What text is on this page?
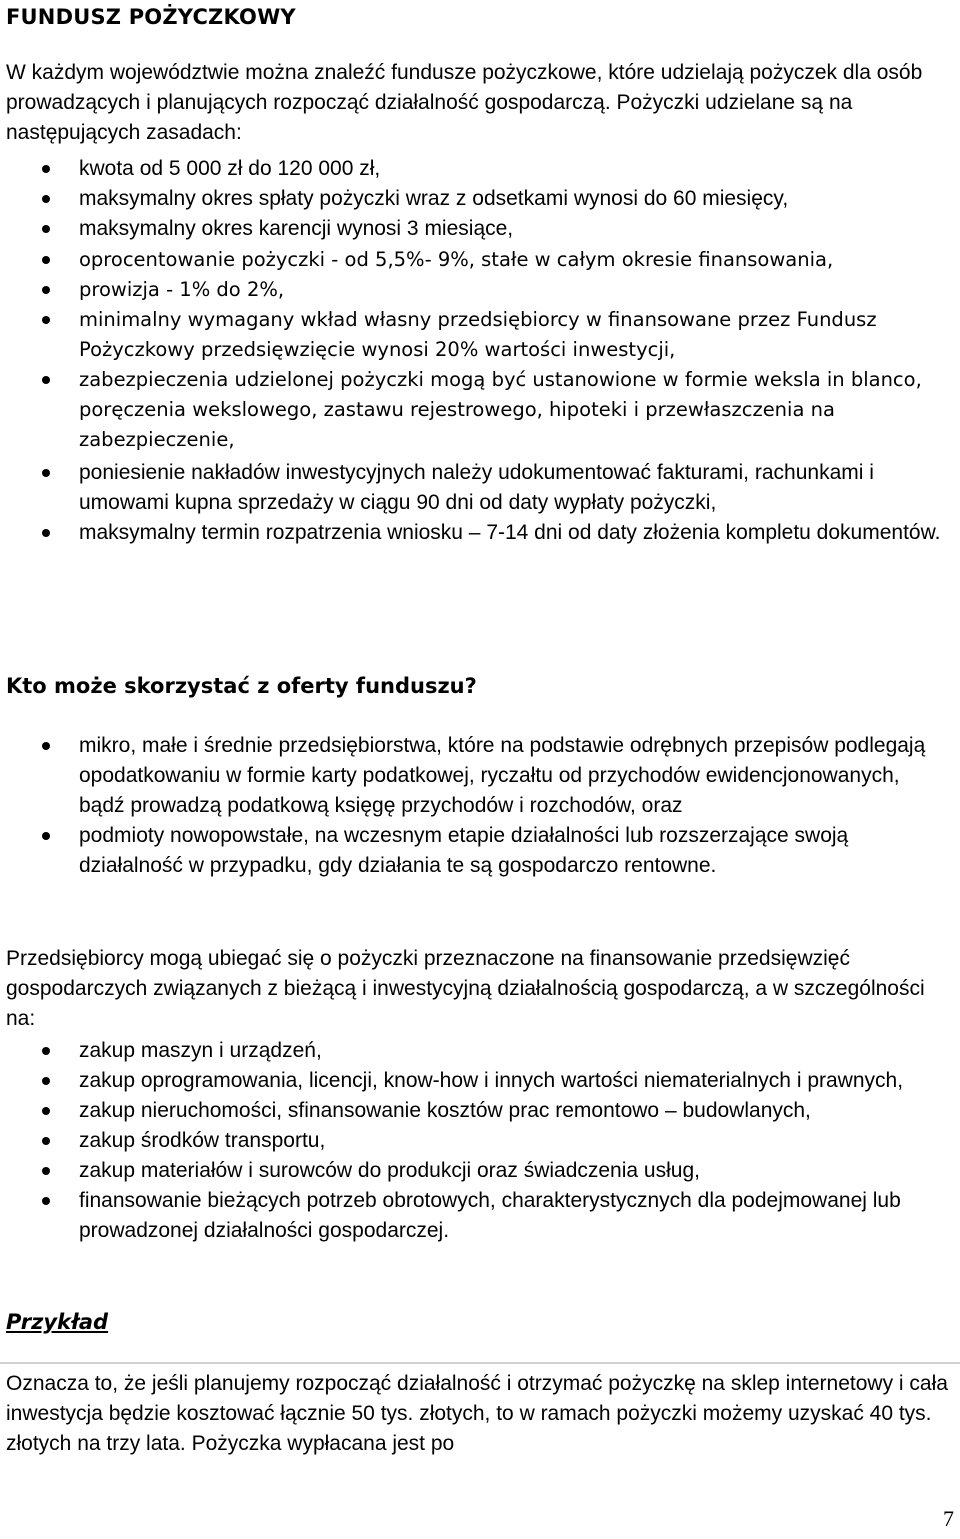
FUNDUSZ POŻYCZKOWY

W każdym województwie można znaleźć fundusze pożyczkowe, które udzielają pożyczek dla osób prowadzących i planujących rozpocząć działalność gospodarczą. Pożyczki udzielane są na następujących zasadach:

kwota od 5 000 zł do 120 000 zł,
maksymalny okres spłaty pożyczki wraz z odsetkami wynosi do 60 miesięcy,
maksymalny okres karencji wynosi 3 miesiące,
oprocentowanie pożyczki - od 5,5%- 9%, stałe w całym okresie finansowania,
prowizja - 1% do 2%,
minimalny wymagany wkład własny przedsiębiorcy w finansowane przez Fundusz Pożyczkowy przedsięwzięcie wynosi 20% wartości inwestycji,
zabezpieczenia udzielonej pożyczki mogą być ustanowione w formie weksla in blanco, poręczenia wekslowego, zastawu rejestrowego, hipoteki i przewłaszczenia na zabezpieczenie,
poniesienie nakładów inwestycyjnych należy udokumentować fakturami, rachunkami i umowami kupna sprzedaży w ciągu 90 dni od daty wypłaty pożyczki,
maksymalny termin rozpatrzenia wniosku – 7-14 dni od daty złożenia kompletu dokumentów.
Kto może skorzystać z oferty funduszu?
mikro, małe i średnie przedsiębiorstwa, które na podstawie odrębnych przepisów podlegają opodatkowaniu w formie karty podatkowej, ryczałtu od przychodów ewidencjonowanych, bądź prowadzą podatkową księgę przychodów i rozchodów, oraz
podmioty nowopowstałe, na wczesnym etapie działalności lub rozszerzające swoją działalność w przypadku, gdy działania te są gospodarczo rentowne.

Przedsiębiorcy mogą ubiegać się o pożyczki przeznaczone na finansowanie przedsięwzięć gospodarczych związanych z bieżącą i inwestycyjną działalnością gospodarczą, a w szczególności na:

zakup maszyn i urządzeń,
zakup oprogramowania, licencji, know-how i innych wartości niematerialnych i prawnych,
zakup nieruchomości, sfinansowanie kosztów prac remontowo – budowlanych,
zakup środków transportu,
zakup materiałów i surowców do produkcji oraz świadczenia usług,
finansowanie bieżących potrzeb obrotowych, charakterystycznych dla podejmowanej lub prowadzonej działalności gospodarczej.
Przykład

Oznacza to, że jeśli planujemy rozpocząć działalność i otrzymać pożyczkę na sklep internetowy i cała inwestycja będzie kosztować łącznie 50 tys. złotych, to w ramach pożyczki możemy uzyskać 40 tys. złotych na trzy lata. Pożyczka wypłacana jest po

7
